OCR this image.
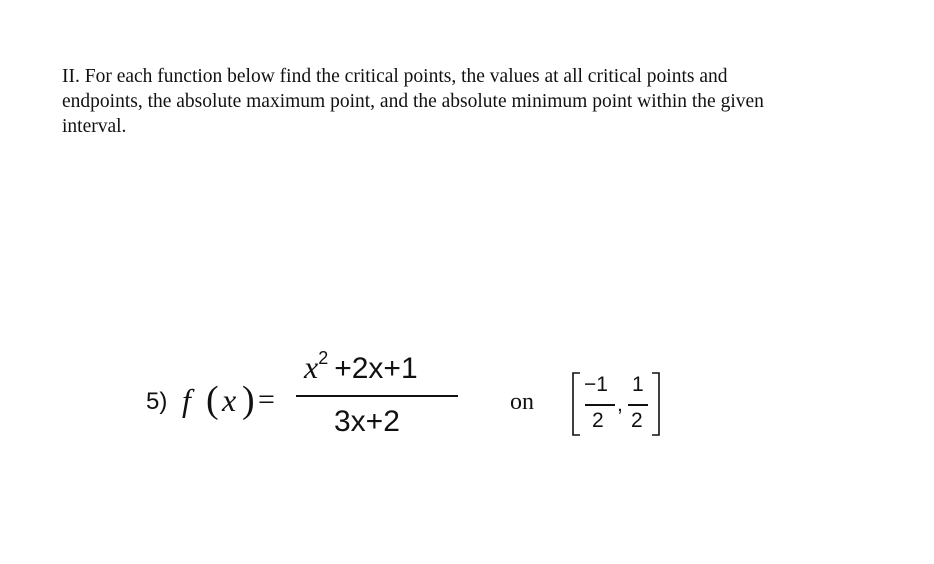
II. For each function below find the critical points, the values at all critical points and
endpoints, the absolute maximum point, and the absolute minimum point within the given
interval.
5) f ( x ) =
x2 +2x+1
3x+2
on
−1
2
,
1
2
